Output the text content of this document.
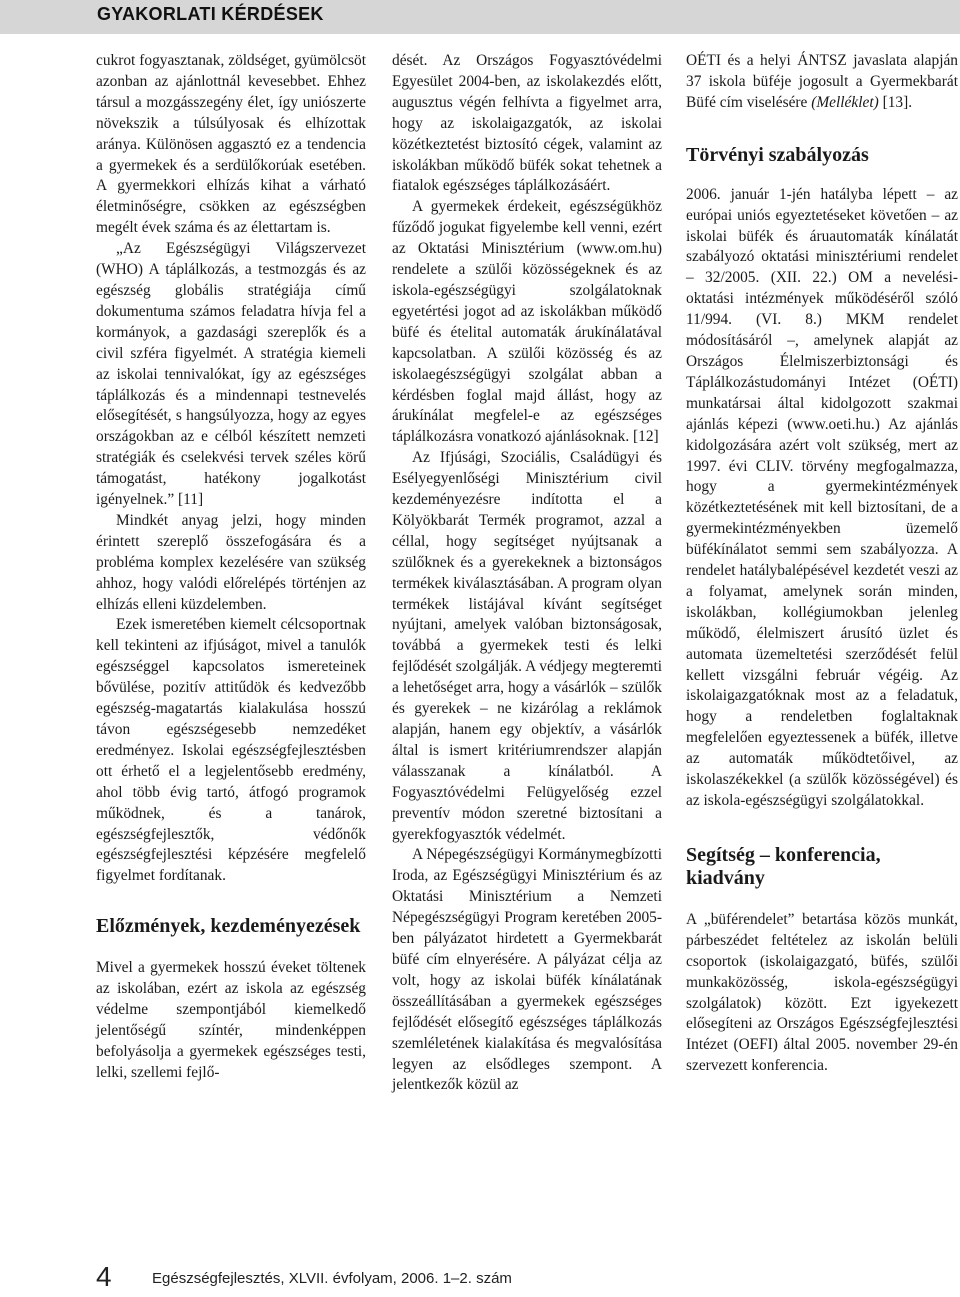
GYAKORLATI KÉRDÉSEK

cukrot fogyasztanak, zöldséget, gyümölcsöt azonban az ajánlottnál kevesebbet. Ehhez társul a mozgásszegény élet, így uniószerte növekszik a túlsúlyosak és elhízottak aránya. Különösen aggasztó ez a tendencia a gyermekek és a serdülőkorúak esetében. A gyermekkori elhízás kihat a várható életminőségre, csökken az egészségben megélt évek száma és az élettartam is.

„Az Egészségügyi Világszervezet (WHO) A táplálkozás, a testmozgás és az egészség globális stratégiája című dokumentuma számos feladatra hívja fel a kormányok, a gazdasági szereplők és a civil szféra figyelmét. A stratégia kiemeli az iskolai tennivalókat, így az egészséges táplálkozás és a mindennapi testnevelés elősegítését, s hangsúlyozza, hogy az egyes országokban az e célból készített nemzeti stratégiák és cselekvési tervek széles körű támogatást, hatékony jogalkotást igényelnek.” [11]

Mindkét anyag jelzi, hogy minden érintett szereplő összefogására és a probléma komplex kezelésére van szükség ahhoz, hogy valódi előrelépés történjen az elhízás elleni küzdelemben.

Ezek ismeretében kiemelt célcsoportnak kell tekinteni az ifjúságot, mivel a tanulók egészséggel kapcsolatos ismereteinek bővülése, pozitív attitűdök és kedvezőbb egészség-magatartás kialakulása hosszú távon egészségesebb nemzedéket eredményez. Iskolai egészségfejlesztésben ott érhető el a legjelentősebb eredmény, ahol több évig tartó, átfogó programok működnek, és a tanárok, egészségfejlesztők, védőnők egészségfejlesztési képzésére megfelelő figyelmet fordítanak.

Előzmények, kezdeményezések

Mivel a gyermekek hosszú éveket töltenek az iskolában, ezért az iskola az egészség védelme szempontjából kiemelkedő jelentőségű színtér, mindenképpen befolyásolja a gyermekek egészséges testi, lelki, szellemi fejlő-

dését. Az Országos Fogyasztóvédelmi Egyesület 2004-ben, az iskolakezdés előtt, augusztus végén felhívta a figyelmet arra, hogy az iskolaigazgatók, az iskolai közétkeztetést biztosító cégek, valamint az iskolákban működő büfék sokat tehetnek a fiatalok egészséges táplálkozásáért.

A gyermekek érdekeit, egészségükhöz fűződő jogukat figyelembe kell venni, ezért az Oktatási Minisztérium (www.om.hu) rendelete a szülői közösségeknek és az iskola-egészségügyi szolgálatoknak egyetértési jogot ad az iskolákban működő büfé és ételital automaták árukínálatával kapcsolatban. A szülői közösség és az iskolaegészségügyi szolgálat abban a kérdésben foglal majd állást, hogy az árukínálat megfelel-e az egészséges táplálkozásra vonatkozó ajánlásoknak. [12]

Az Ifjúsági, Szociális, Családügyi és Esélyegyenlőségi Minisztérium civil kezdeményezésre indította el a Kölyökbarát Termék programot, azzal a céllal, hogy segítséget nyújtsanak a szülőknek és a gyerekeknek a biztonságos termékek kiválasztásában. A program olyan termékek listájával kívánt segítséget nyújtani, amelyek valóban biztonságosak, továbbá a gyermekek testi és lelki fejlődését szolgálják. A védjegy megteremti a lehetőséget arra, hogy a vásárlók – szülők és gyerekek – ne kizárólag a reklámok alapján, hanem egy objektív, a vásárlók által is ismert kritériumrendszer alapján válasszanak a kínálatból. A Fogyasztóvédelmi Felügyelőség ezzel preventív módon szeretné biztosítani a gyerekfogyasztók védelmét.

A Népegészségügyi Kormánymegbízotti Iroda, az Egészségügyi Minisztérium és az Oktatási Minisztérium a Nemzeti Népegészségügyi Program keretében 2005-ben pályázatot hirdetett a Gyermekbarát büfé cím elnyerésére. A pályázat célja az volt, hogy az iskolai büfék kínálatának összeállításában a gyermekek egészséges fejlődését elősegítő egészséges táplálkozás szemléletének kialakítása és megvalósítása legyen az elsődleges szempont. A jelentkezők közül az

OÉTI és a helyi ÁNTSZ javaslata alapján 37 iskola büféje jogosult a Gyermekbarát Büfé cím viselésére (Melléklet) [13].

Törvényi szabályozás

2006. január 1-jén hatályba lépett – az európai uniós egyeztetéseket követően – az iskolai büfék és áruautomaták kínálatát szabályozó oktatási minisztériumi rendelet – 32/2005. (XII. 22.) OM a nevelési-oktatási intézmények működéséről szóló 11/994. (VI. 8.) MKM rendelet módosításáról –, amelynek alapját az Országos Élelmiszerbiztonsági és Táplálkozástudományi Intézet (OÉTI) munkatársai által kidolgozott szakmai ajánlás képezi (www.oeti.hu.) Az ajánlás kidolgozására azért volt szükség, mert az 1997. évi CLIV. törvény megfogalmazza, hogy a gyermekintézmények közétkeztetésének mit kell biztosítani, de a gyermekintézményekben üzemelő büfékínálatot semmi sem szabályozza. A rendelet hatálybalépésével kezdetét veszi az a folyamat, amelynek során minden, iskolákban, kollégiumokban jelenleg működő, élelmiszert árusító üzlet és automata üzemeltetési szerződését felül kellett vizsgálni február végéig. Az iskolaigazgatóknak most az a feladatuk, hogy a rendeletben foglaltaknak megfelelően egyeztessenek a büfék, illetve az automaták működtetőivel, az iskolaszékekkel (a szülők közösségével) és az iskola-egészségügyi szolgálatokkal.

Segítség – konferencia, kiadvány

A „büférendelet” betartása közös munkát, párbeszédet feltételez az iskolán belüli csoportok (iskolaigazgató, büfés, szülői munkaközösség, iskola-egészségügyi szolgálatok) között. Ezt igyekezett elősegíteni az Országos Egészségfejlesztési Intézet (OEFI) által 2005. november 29-én szervezett konferencia.

4	Egészségfejlesztés, XLVII. évfolyam, 2006. 1–2. szám
